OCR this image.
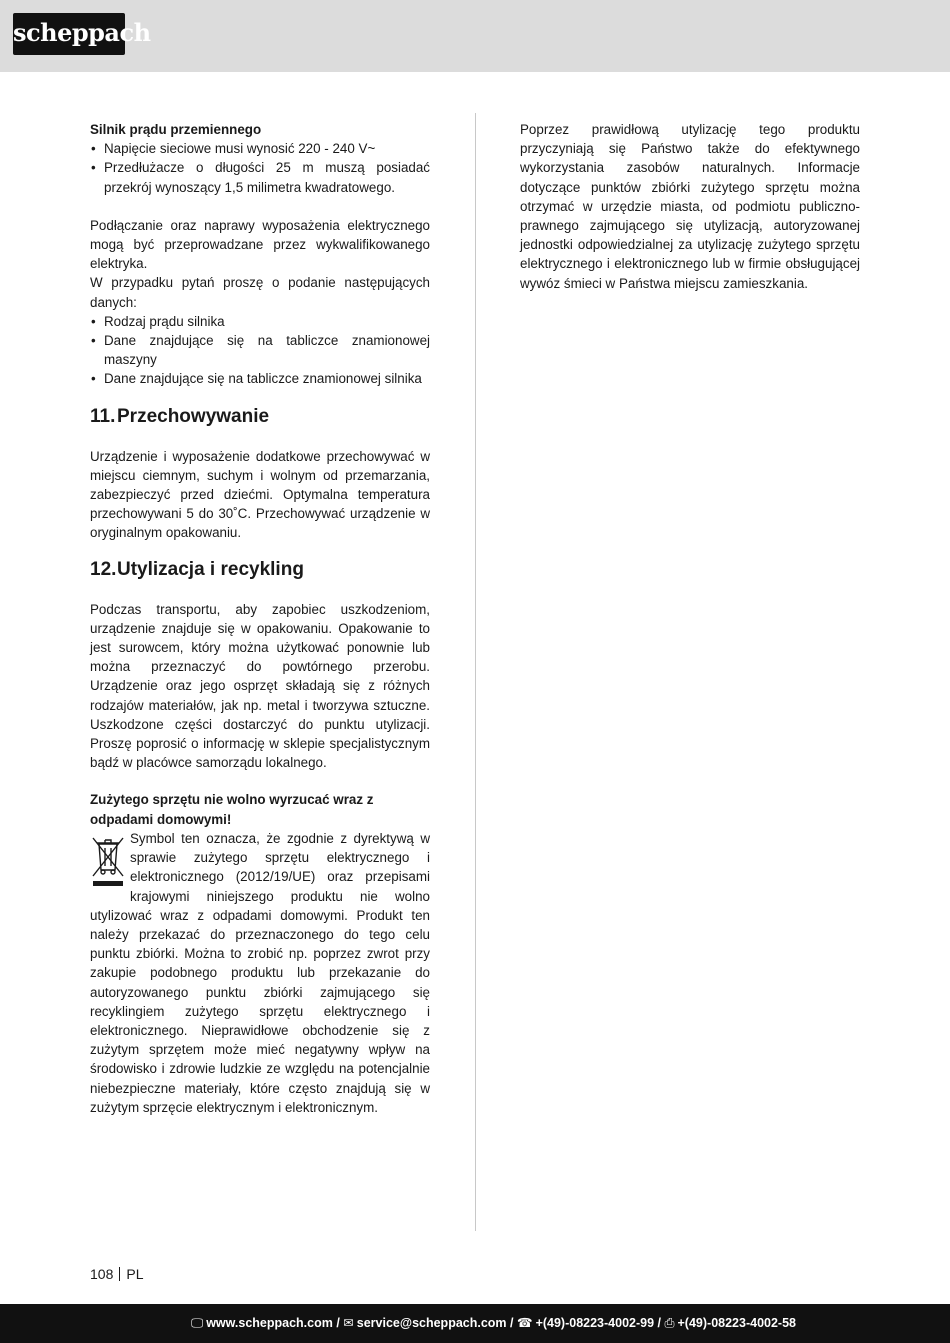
scheppach

Silnik prądu przemiennego

• Napięcie sieciowe musi wynosić 220 - 240 V~
• Przedłużacze o długości 25 m muszą posiadać przekrój wynoszący 1,5 milimetra kwadratowego.

Podłączanie oraz naprawy wyposażenia elektrycznego mogą być przeprowadzane przez wykwalifikowanego elektryka.

W przypadku pytań proszę o podanie następujących danych:

• Rodzaj prądu silnika
• Dane znajdujące się na tabliczce znamionowej maszyny
• Dane znajdujące się na tabliczce znamionowej silnika
11.Przechowywanie

Urządzenie i wyposażenie dodatkowe przechowywać w miejscu ciemnym, suchym i wolnym od przemarzania, zabezpieczyć przed dziećmi. Optymalna temperatura przechowywani 5 do 30˚C. Przechowywać urządzenie w oryginalnym opakowaniu.

12.Utylizacja i recykling

Podczas transportu, aby zapobiec uszkodzeniom, urządzenie znajduje się w opakowaniu. Opakowanie to jest surowcem, który można użytkować ponownie lub można przeznaczyć do powtórnego przerobu. Urządzenie oraz jego osprzęt składają się z różnych rodzajów materiałów, jak np. metal i tworzywa sztuczne. Uszkodzone części dostarczyć do punktu utylizacji. Proszę poprosić o informację w sklepie specjalistycznym bądź w placówce samorządu lokalnego.

Zużytego sprzętu nie wolno wyrzucać wraz z odpadami domowymi!

Symbol ten oznacza, że zgodnie z dyrektywą w sprawie zużytego sprzętu elektrycznego i elektronicznego (2012/19/UE) oraz przepisami krajowymi niniejszego produktu nie wolno utylizować wraz z odpadami domowymi. Produkt ten należy przekazać do przeznaczonego do tego celu punktu zbiórki. Można to zrobić np. poprzez zwrot przy zakupie podobnego produktu lub przekazanie do autoryzowanego punktu zbiórki zajmującego się recyklingiem zużytego sprzętu elektrycznego i elektronicznego. Nieprawidłowe obchodzenie się z zużytym sprzętem może mieć negatywny wpływ na środowisko i zdrowie ludzkie ze względu na potencjalnie niebezpieczne materiały, które często znajdują się w zużytym sprzęcie elektrycznym i elektronicznym.

Poprzez prawidłową utylizację tego produktu przyczyniają się Państwo także do efektywnego wykorzystania zasobów naturalnych. Informacje dotyczące punktów zbiórki zużytego sprzętu można otrzymać w urzędzie miasta, od podmiotu publiczno-prawnego zajmującego się utylizacją, autoryzowanej jednostki odpowiedzialnej za utylizację zużytego sprzętu elektrycznego i elektronicznego lub w firmie obsługującej wywóz śmieci w Państwa miejscu zamieszkania.

108 PL
🖵 www.scheppach.com / ✉ service@scheppach.com / ☎ +(49)-08223-4002-99 / ⎙ +(49)-08223-4002-58
